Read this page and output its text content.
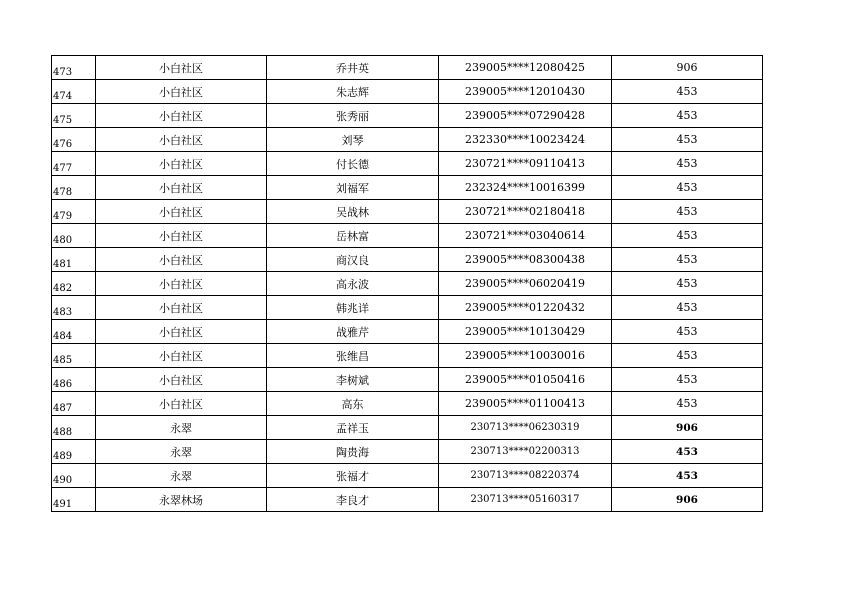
473	小白社区	乔井英	239005****12080425	906
474	小白社区	朱志辉	239005****12010430	453
475	小白社区	张秀丽	239005****07290428	453
476	小白社区	刘琴	232330****10023424	453
477	小白社区	付长德	230721****09110413	453
478	小白社区	刘福军	232324****10016399	453
479	小白社区	吴战林	230721****02180418	453
480	小白社区	岳林富	230721****03040614	453
481	小白社区	商汉良	239005****08300438	453
482	小白社区	高永波	239005****06020419	453
483	小白社区	韩兆详	239005****01220432	453
484	小白社区	战雅芹	239005****10130429	453
485	小白社区	张维昌	239005****10030016	453
486	小白社区	李树斌	239005****01050416	453
487	小白社区	高东	239005****01100413	453
488	永翠	孟祥玉	230713****06230319	906
489	永翠	陶贵海	230713****02200313	453
490	永翠	张福才	230713****08220374	453
491	永翠林场	李良才	230713****05160317	906
